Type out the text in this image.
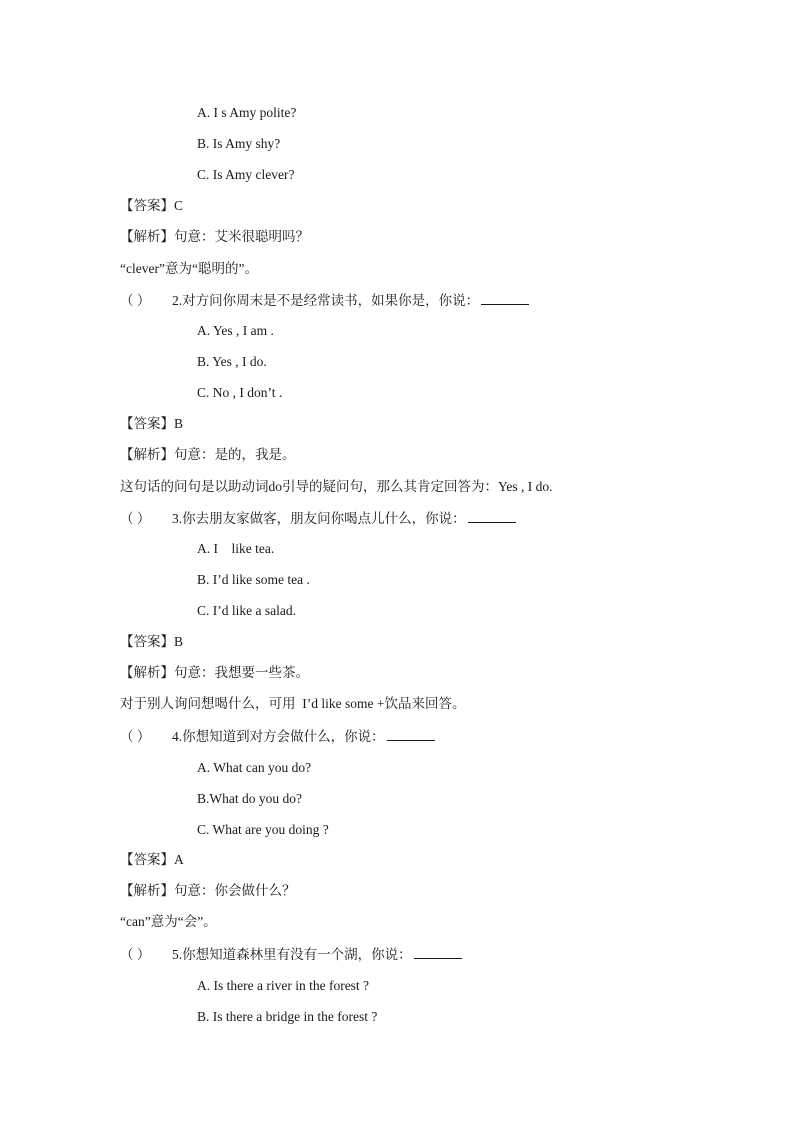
A. I s Amy polite?
B. Is Amy shy?
C. Is Amy clever?
【答案】C
【解析】句意：艾米很聪明吗？
“clever”意为“聪明的”。
（ ） 2.对方问你周末是不是经常读书，如果你是，你说：
A. Yes , I am .
B. Yes , I do.
C. No , I don’t .
【答案】B
【解析】句意：是的，我是。
这句话的问句是以助动词do引导的疑问句，那么其肯定回答为：Yes , I do.
（ ） 3.你去朋友家做客，朋友问你喝点儿什么，你说：
A. I    like tea.
B. I’d like some tea .
C. I’d like a salad.
【答案】B
【解析】句意：我想要一些茶。
对于别人询问想喝什么，可用  I’d like some +饮品来回答。
（ ） 4.你想知道到对方会做什么，你说：
A. What can you do?
B.What do you do?
C. What are you doing ?
【答案】A
【解析】句意：你会做什么？
“can”意为“会”。
（ ） 5.你想知道森林里有没有一个湖，你说：
A. Is there a river in the forest ?
B. Is there a bridge in the forest ?
